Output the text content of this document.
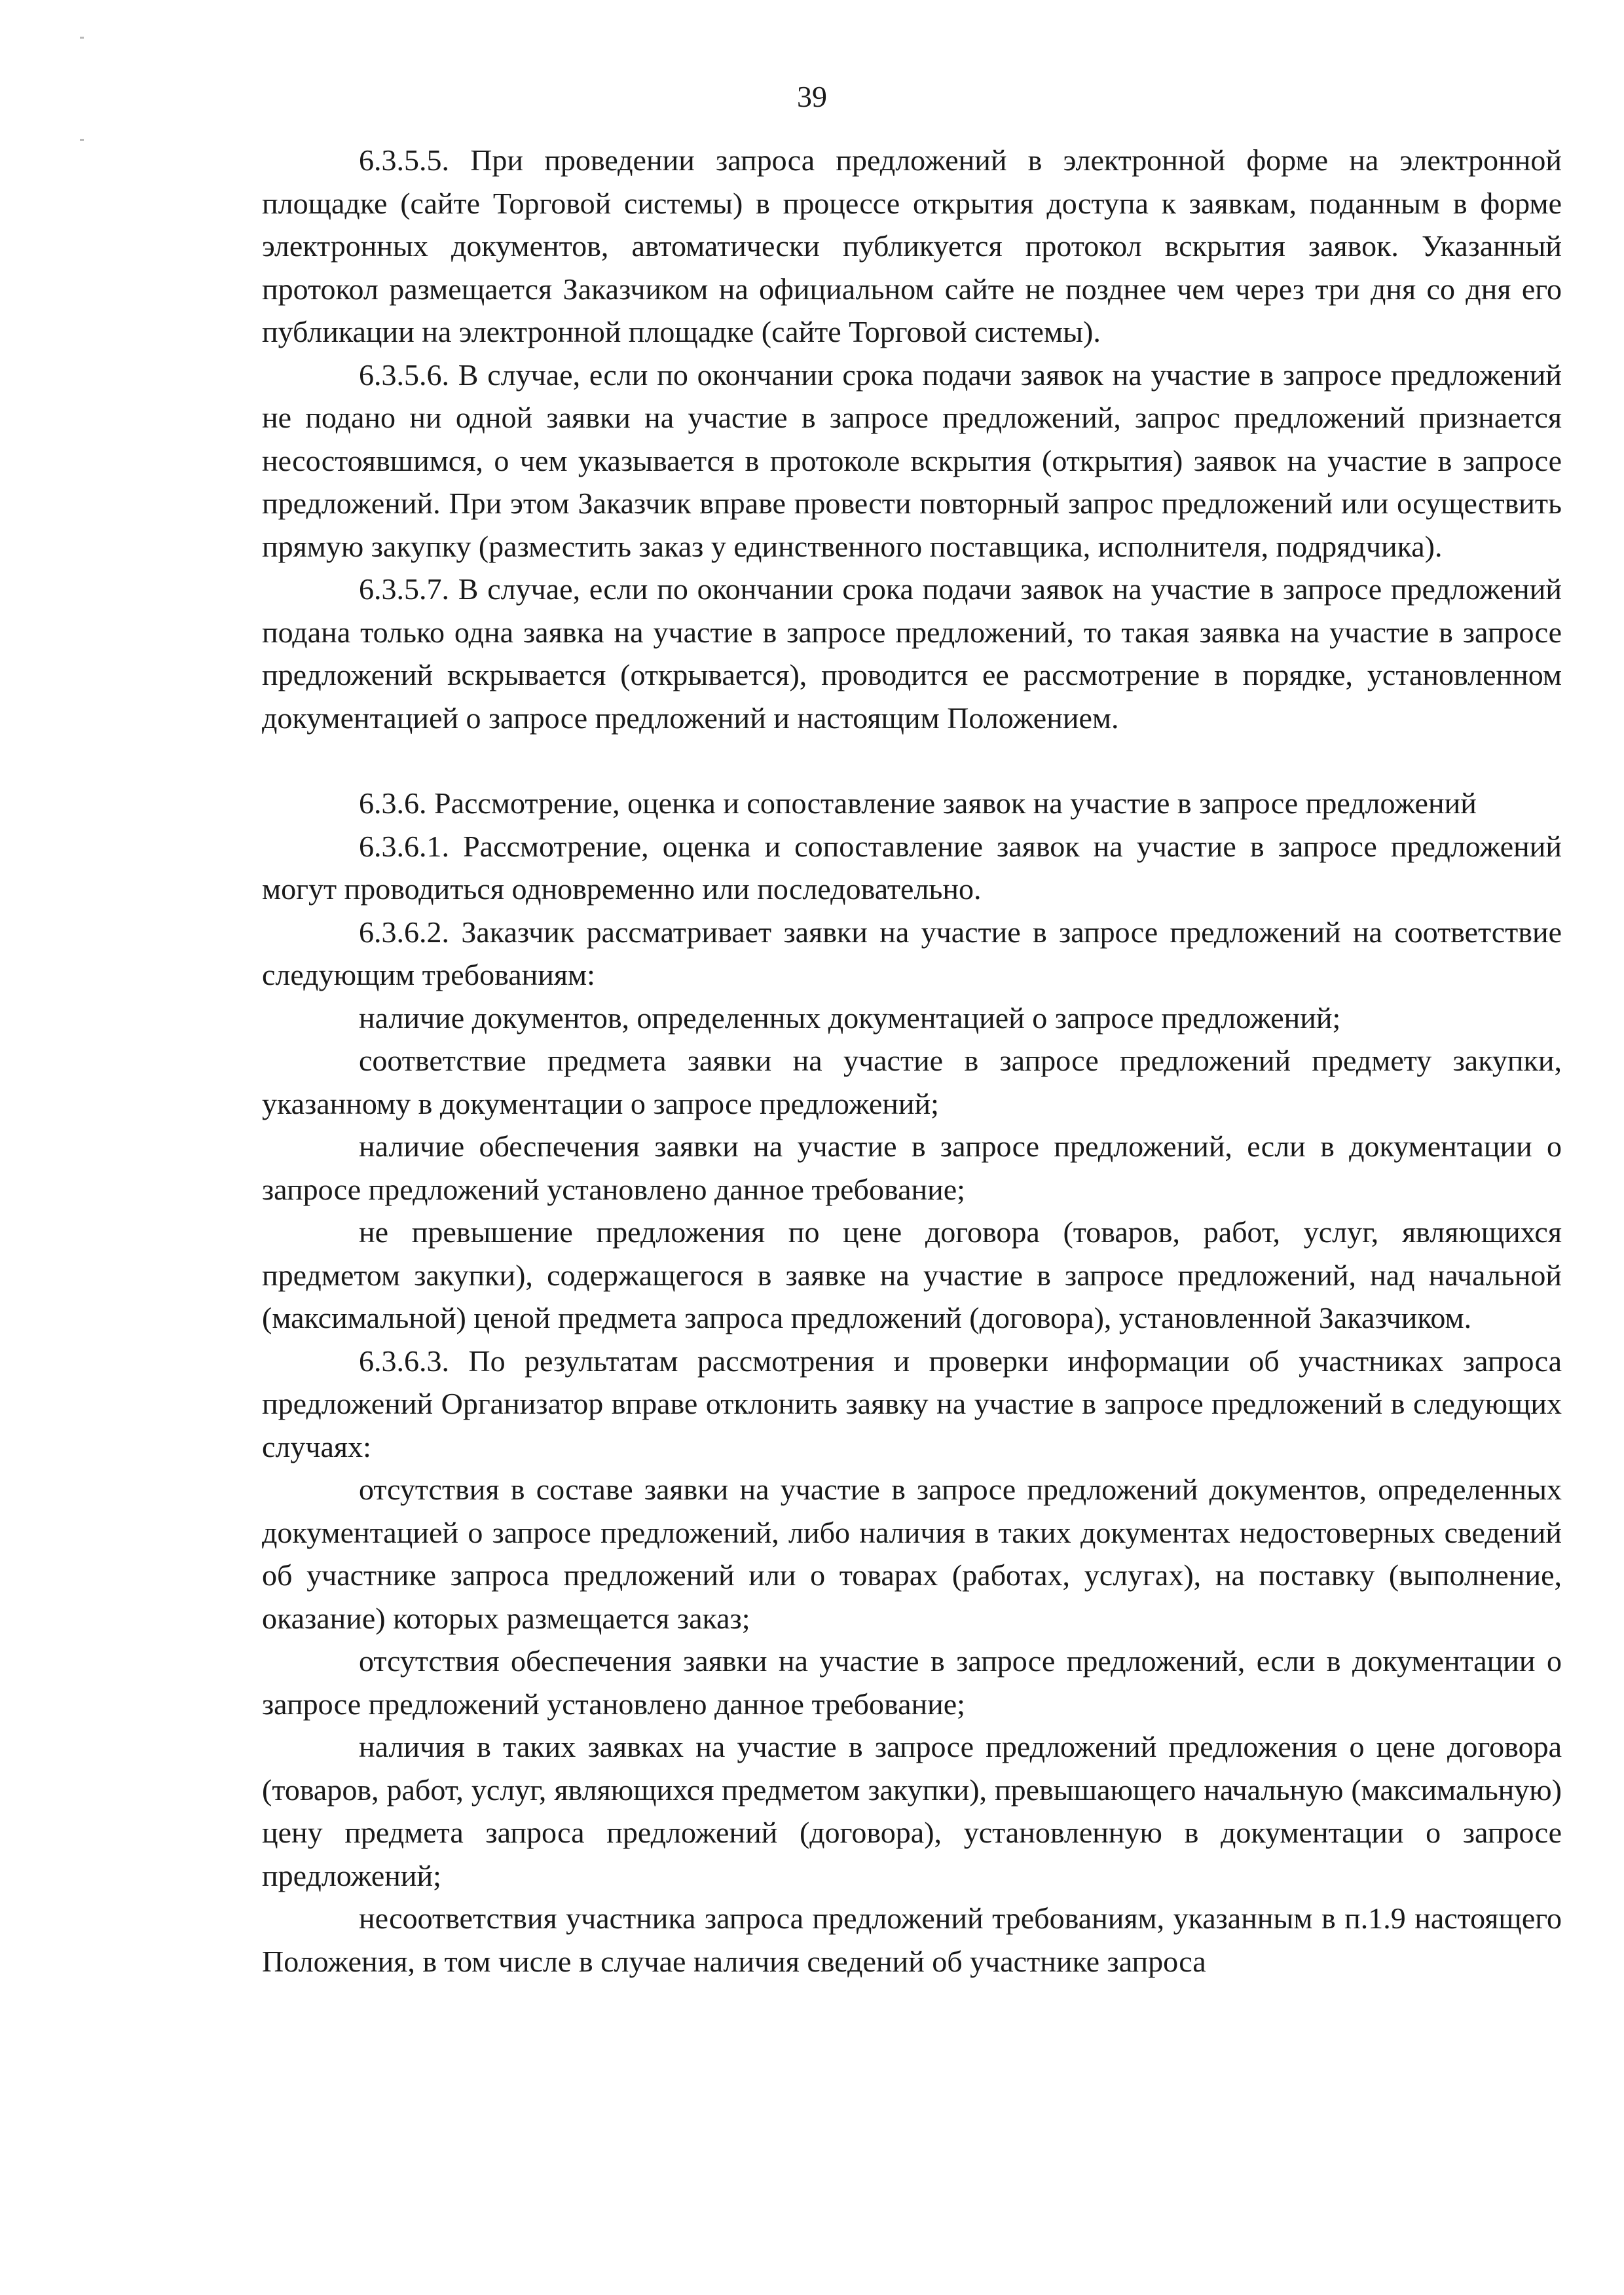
39

6.3.5.5. При проведении запроса предложений в электронной форме на электронной площадке (сайте Торговой системы) в процессе открытия доступа к заявкам, поданным в форме электронных документов, автоматически публикуется протокол вскрытия заявок. Указанный протокол размещается Заказчиком на официальном сайте не позднее чем через три дня со дня его публикации на электронной площадке (сайте Торговой системы).

6.3.5.6. В случае, если по окончании срока подачи заявок на участие в запросе предложений не подано ни одной заявки на участие в запросе предложений, запрос предложений признается несостоявшимся, о чем указывается в протоколе вскрытия (открытия) заявок на участие в запросе предложений. При этом Заказчик вправе провести повторный запрос предложений или осуществить прямую закупку (разместить заказ у единственного поставщика, исполнителя, подрядчика).

6.3.5.7. В случае, если по окончании срока подачи заявок на участие в запросе предложений подана только одна заявка на участие в запросе предложений, то такая заявка на участие в запросе предложений вскрывается (открывается), проводится ее рассмотрение в порядке, установленном документацией о запросе предложений и настоящим Положением.

6.3.6. Рассмотрение, оценка и сопоставление заявок на участие в запросе предложений

6.3.6.1. Рассмотрение, оценка и сопоставление заявок на участие в запросе предложений могут проводиться одновременно или последовательно.

6.3.6.2. Заказчик рассматривает заявки на участие в запросе предложений на соответствие следующим требованиям:

наличие документов, определенных документацией о запросе предложений;

соответствие предмета заявки на участие в запросе предложений предмету закупки, указанному в документации о запросе предложений;

наличие обеспечения заявки на участие в запросе предложений, если в документации о запросе предложений установлено данное требование;

не превышение предложения по цене договора (товаров, работ, услуг, являющихся предметом закупки), содержащегося в заявке на участие в запросе предложений, над начальной (максимальной) ценой предмета запроса предложений (договора), установленной Заказчиком.

6.3.6.3. По результатам рассмотрения и проверки информации об участниках запроса предложений Организатор вправе отклонить заявку на участие в запросе предложений в следующих случаях:

отсутствия в составе заявки на участие в запросе предложений документов, определенных документацией о запросе предложений, либо наличия в таких документах недостоверных сведений об участнике запроса предложений или о товарах (работах, услугах), на поставку (выполнение, оказание) которых размещается заказ;

отсутствия обеспечения заявки на участие в запросе предложений, если в документации о запросе предложений установлено данное требование;

наличия в таких заявках на участие в запросе предложений предложения о цене договора (товаров, работ, услуг, являющихся предметом закупки), превышающего начальную (максимальную) цену предмета запроса предложений (договора), установленную в документации о запросе предложений;

несоответствия участника запроса предложений требованиям, указанным в п.1.9 настоящего Положения, в том числе в случае наличия сведений об участнике запроса
